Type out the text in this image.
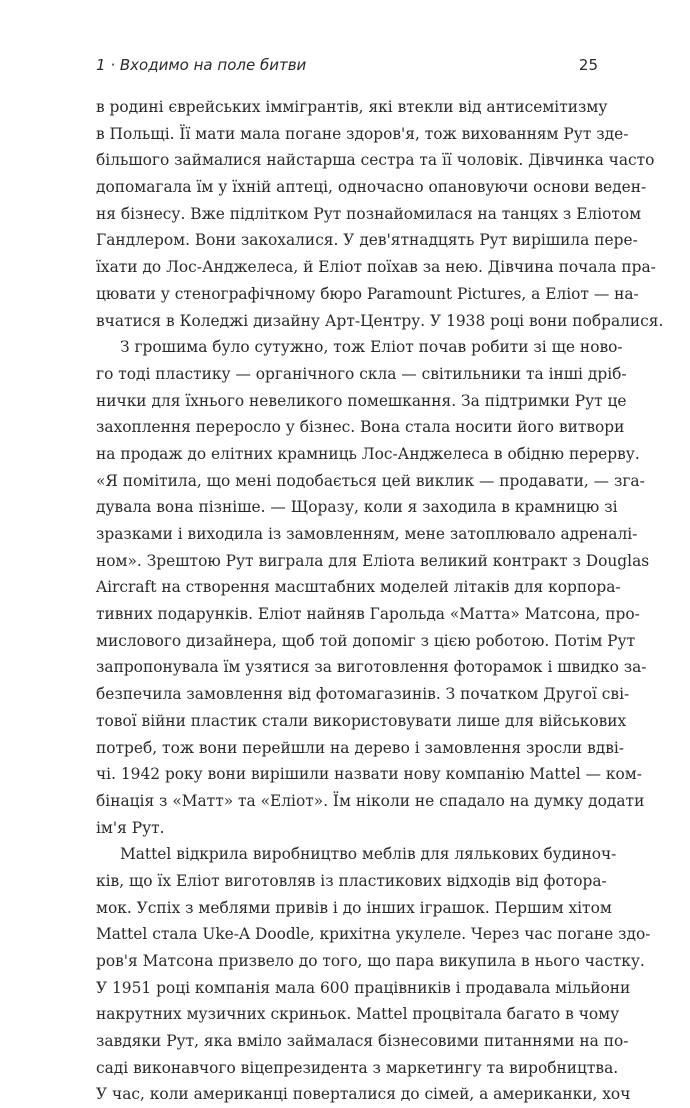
1 · Входимо на поле битви	25
в родині єврейських іммігрантів, які втекли від антисемітизму
в Польщі. Її мати мала погане здоров'я, тож вихованням Рут зде-
більшого займалися найстарша сестра та її чоловік. Дівчинка часто
допомагала їм у їхній аптеці, одночасно опановуючи основи веден-
ня бізнесу. Вже підлітком Рут познайомилася на танцях з Еліотом
Гандлером. Вони закохалися. У дев'ятнадцять Рут вирішила пере-
їхати до Лос-Анджелеса, й Еліот поїхав за нею. Дівчина почала пра-
цювати у стенографічному бюро Paramount Pictures, а Еліот — на-
вчатися в Коледжі дизайну Арт-Центру. У 1938 році вони побралися.
З грошима було сутужно, тож Еліот почав робити зі ще ново-
го тоді пластику — органічного скла — світильники та інші дріб-
нички для їхнього невеликого помешкання. За підтримки Рут це
захоплення переросло у бізнес. Вона стала носити його витвори
на продаж до елітних крамниць Лос-Анджелеса в обідню перерву.
«Я помітила, що мені подобається цей виклик — продавати, — зга-
дувала вона пізніше. — Щоразу, коли я заходила в крамницю зі
зразками і виходила із замовленням, мене затоплювало адреналі-
ном». Зрештою Рут виграла для Еліота великий контракт з Douglas
Aircraft на створення масштабних моделей літаків для корпора-
тивних подарунків. Еліот найняв Гарольда «Матта» Матсона, про-
мислового дизайнера, щоб той допоміг з цією роботою. Потім Рут
запропонувала їм узятися за виготовлення фоторамок і швидко за-
безпечила замовлення від фотомагазинів. З початком Другої сві-
тової війни пластик стали використовувати лише для військових
потреб, тож вони перейшли на дерево і замовлення зросли вдві-
чі. 1942 року вони вирішили назвати нову компанію Mattel — ком-
бінація з «Матт» та «Еліот». Їм ніколи не спадало на думку додати
ім'я Рут.
Mattel відкрила виробництво меблів для лялькових будиноч-
ків, що їх Еліот виготовляв із пластикових відходів від фоторa-
мок. Успіх з меблями привів і до інших іграшок. Першим хітом
Mattel стала Uke-A Doodle, крихітна укулеле. Через час погане здо-
ров'я Матсона призвело до того, що пара викупила в нього частку.
У 1951 році компанія мала 600 працівників і продавала мільйони
накрутних музичних скриньок. Mattel процвітала багато в чому
завдяки Рут, яка вміло займалася бізнесовими питаннями на по-
саді виконавчого віцепрезидента з маркетингу та виробництва.
У час, коли американці поверталися до сімей, а американки, хоч
